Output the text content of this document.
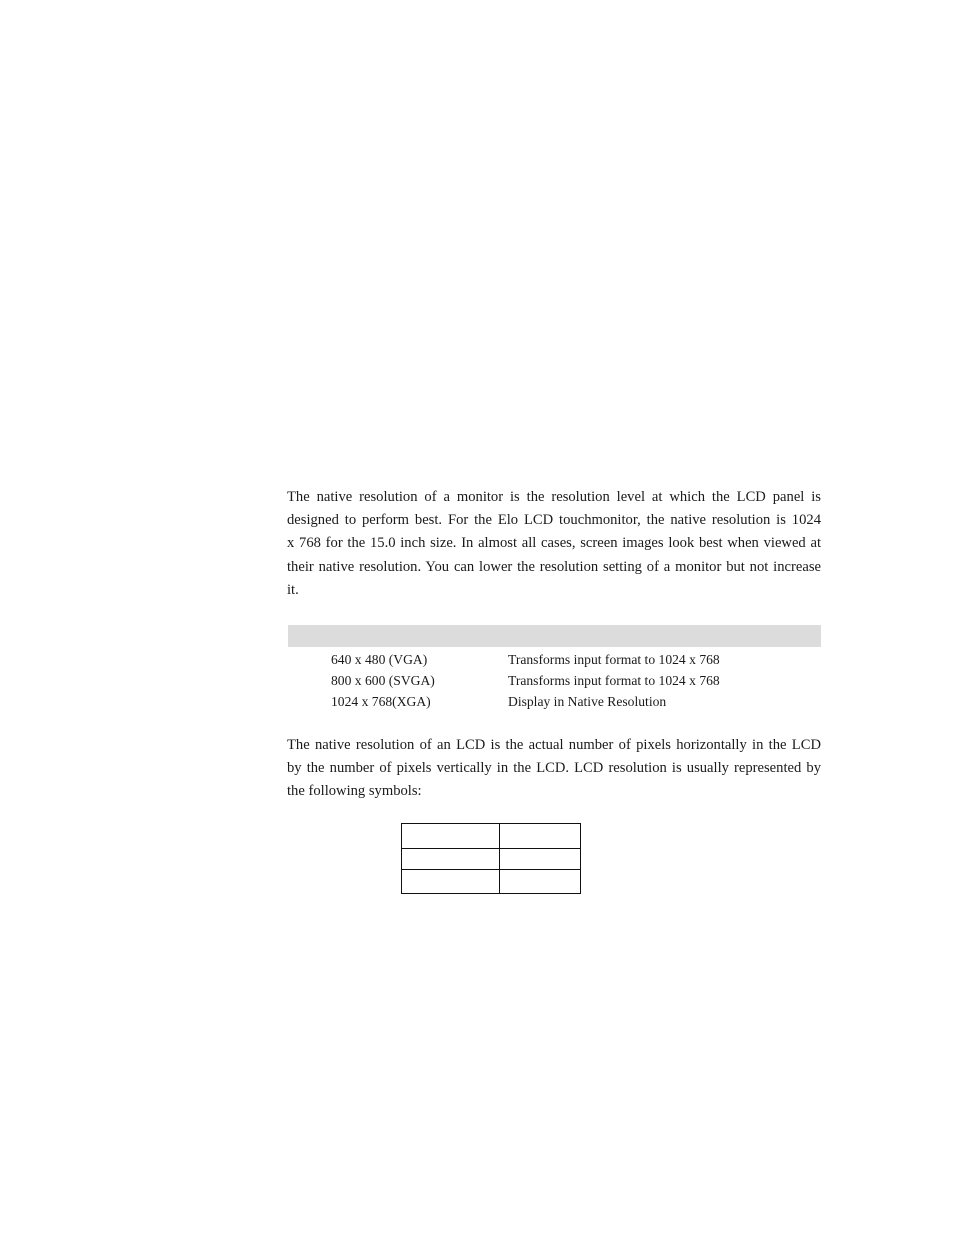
The native resolution of a monitor is the resolution level at which the LCD panel is
designed to perform best. For the Elo LCD touchmonitor, the native resolution is 1024
x 768 for the 15.0 inch size. In almost all cases, screen images look best when viewed at
their native resolution. You can lower the resolution setting of a monitor but not increase
it.
640 x 480 (VGA)	Transforms input format to 1024 x 768
800 x 600 (SVGA)	Transforms input format to 1024 x 768
1024 x 768(XGA)	Display in Native Resolution
The native resolution of an LCD is the actual number of pixels horizontally in the LCD
by the number of pixels vertically in the LCD. LCD resolution is usually represented by
the following symbols:
